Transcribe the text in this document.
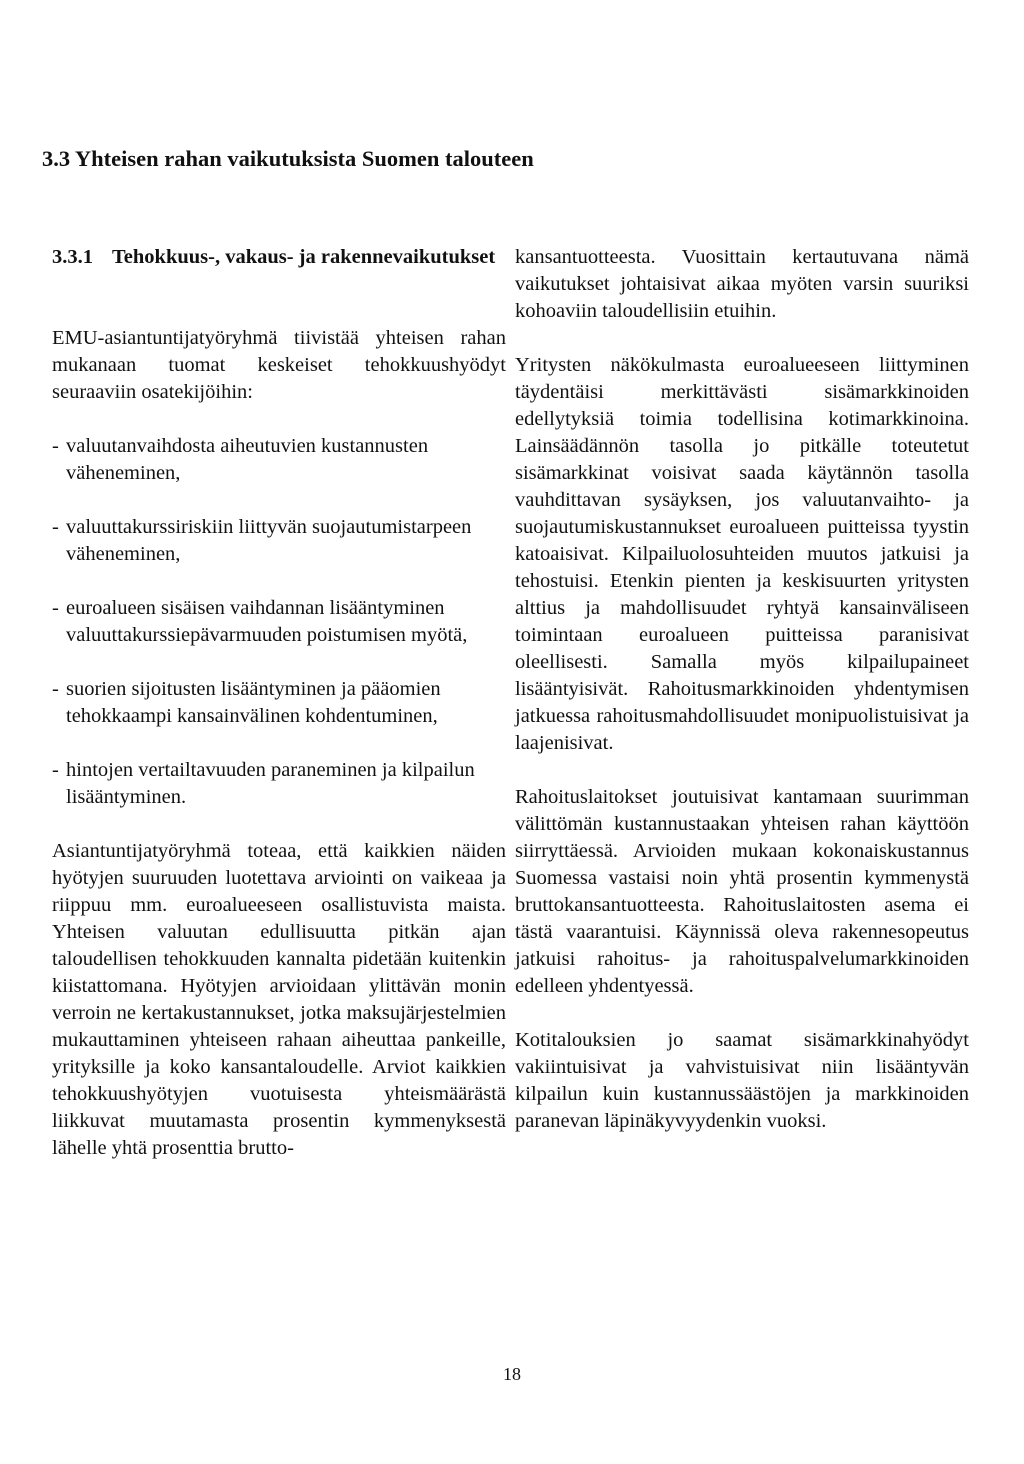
3.3 Yhteisen rahan vaikutuksista Suomen talouteen
3.3.1 Tehokkuus-, vakaus- ja rakennevaikutukset

EMU-asiantuntijatyöryhmä tiivistää yhteisen rahan mukanaan tuomat keskeiset tehokkuushyödyt seuraaviin osatekijöihin:

- valuutanvaihdosta aiheutuvien kustannusten väheneminen,
- valuuttakurssiriskiin liittyvän suojautumistarpeen väheneminen,
- euroalueen sisäisen vaihdannan lisääntyminen valuuttakurssiepävarmuuden poistumisen myötä,
- suorien sijoitusten lisääntyminen ja pääomien tehokkaampi kansainvälinen kohdentuminen,
- hintojen vertailtavuuden paraneminen ja kilpailun lisääntyminen.

Asiantuntijatyöryhmä toteaa, että kaikkien näiden hyötyjen suuruuden luotettava arviointi on vaikeaa ja riippuu mm. euroalueeseen osallistuvista maista. Yhteisen valuutan edullisuutta pitkän ajan taloudellisen tehokkuuden kannalta pidetään kuitenkin kiistattomana. Hyötyjen arvioidaan ylittävän monin verroin ne kertakustannukset, jotka maksujärjestelmien mukauttaminen yhteiseen rahaan aiheuttaa pankeille, yrityksille ja koko kansantaloudelle. Arviot kaikkien tehokkuushyötyjen vuotuisesta yhteismäärästä liikkuvat muutamasta prosentin kymmenyksestä lähelle yhtä prosenttia brutto-

kansantuotteesta. Vuosittain kertautuvana nämä vaikutukset johtaisivat aikaa myöten varsin suuriksi kohoaviin taloudellisiin etuihin.

Yritysten näkökulmasta euroalueeseen liittyminen täydentäisi merkittävästi sisämarkkinoiden edellytyksiä toimia todellisina kotimarkkinoina. Lainsäädännön tasolla jo pitkälle toteutetut sisämarkkinat voisivat saada käytännön tasolla vauhdittavan sysäyksen, jos valuutanvaihto- ja suojautumiskustannukset euroalueen puitteissa tyystin katoaisivat. Kilpailuolosuhteiden muutos jatkuisi ja tehostuisi. Etenkin pienten ja keskisuurten yritysten alttius ja mahdollisuudet ryhtyä kansainväliseen toimintaan euroalueen puitteissa paranisivat oleellisesti. Samalla myös kilpailupaineet lisääntyisivät. Rahoitusmarkkinoiden yhdentymisen jatkuessa rahoitusmahdollisuudet monipuolistuisivat ja laajenisivat.

Rahoituslaitokset joutuisivat kantamaan suurimman välittömän kustannustaakan yhteisen rahan käyttöön siirryttäessä. Arvioiden mukaan kokonaiskustannus Suomessa vastaisi noin yhtä prosentin kymmenystä bruttokansantuotteesta. Rahoituslaitosten asema ei tästä vaarantuisi. Käynnissä oleva rakennesopeutus jatkuisi rahoitus- ja rahoituspalvelumarkkinoiden edelleen yhdentyessä.

Kotitalouksien jo saamat sisämarkkinahyödyt vakiintuisivat ja vahvistuisivat niin lisääntyvän kilpailun kuin kustannussäästöjen ja markkinoiden paranevan läpinäkyvyydenkin vuoksi.

18
